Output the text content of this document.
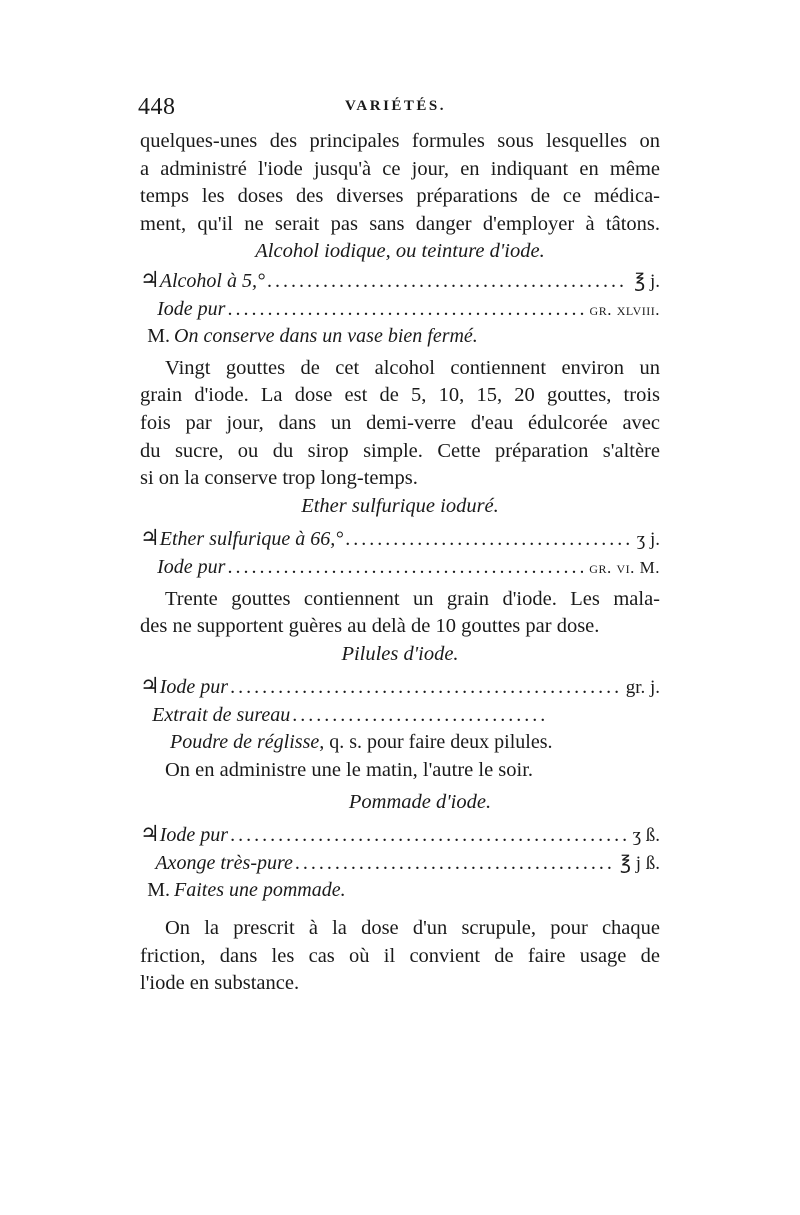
448	VARIÉTÉS.

quelques-unes des principales formules sous lesquelles on

a administré l'iode jusqu'à ce jour, en indiquant en même

temps les doses des diverses préparations de ce médica-

ment, qu'il ne serait pas sans danger d'employer à tâtons.

Alcohol iodique, ou teinture d'iode.

♃ Alcohol à 5,° .....	℥ j.
Iode pur .....	gr. xlviii.
M. On conserve dans un vase bien fermé.

Vingt gouttes de cet alcohol contiennent environ un

grain d'iode. La dose est de 5, 10, 15, 20 gouttes, trois

fois par jour, dans un demi-verre d'eau édulcorée avec

du sucre, ou du sirop simple. Cette préparation s'altère

si on la conserve trop long-temps.

Ether sulfurique ioduré.

♃ Ether sulfurique à 66,° .....	ʒ j.
Iode pur .....	gr. vi. M.

Trente gouttes contiennent un grain d'iode. Les mala-

des ne supportent guères au delà de 10 gouttes par dose.

Pilules d'iode.

♃ Iode pur .....	gr. j.
Extrait de sureau
.....
Poudre de réglisse, q. s. pour faire deux pilules.

On en administre une le matin, l'autre le soir.

Pommade d'iode.

♃ Iode pur .....	ʒ ß.
Axonge très-pure .....	℥ j ß.
M. Faites une pommade.

On la prescrit à la dose d'un scrupule, pour chaque

friction, dans les cas où il convient de faire usage de

l'iode en substance.
